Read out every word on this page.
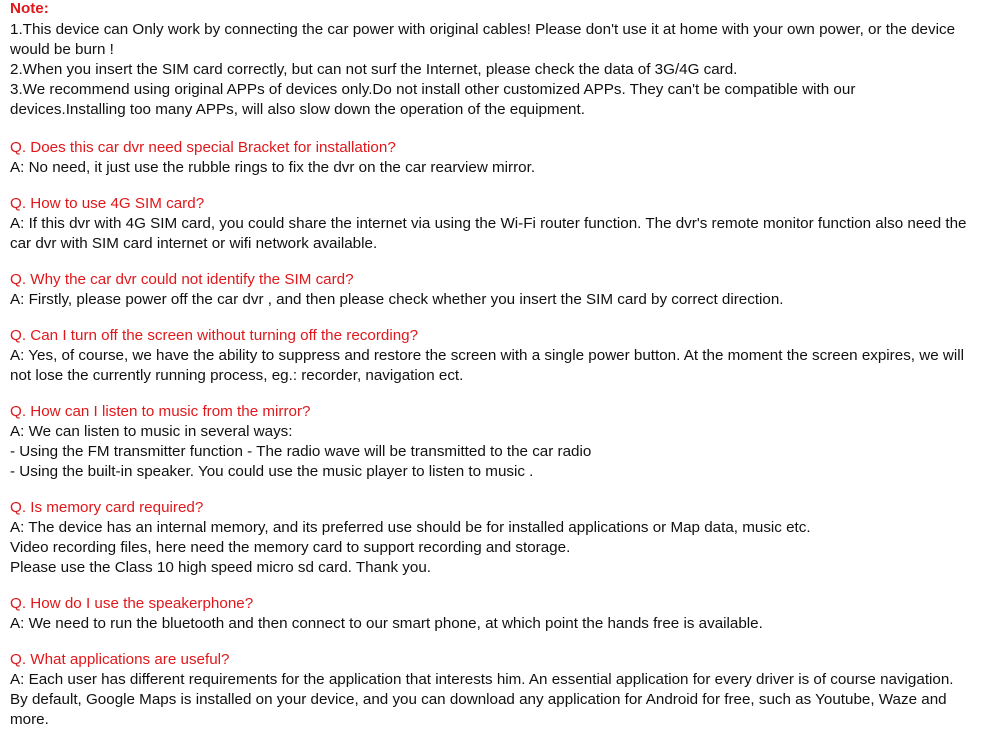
Note:
1.This device can Only work by connecting the car power with original cables! Please don't use it at home with your own power, or the device would be burn !
2.When you insert the SIM card correctly, but can not surf the Internet, please check the data of 3G/4G card.
3.We recommend using original APPs of devices only.Do not install other customized APPs. They can't be compatible with our devices.Installing too many APPs, will also slow down the operation of the equipment.
Q. Does this car dvr need special Bracket for installation?
A: No need, it just use the rubble rings to fix the dvr on the car rearview mirror.
Q. How to use 4G SIM card?
A: If this dvr with 4G SIM card, you could share the internet via using the Wi-Fi router function. The dvr's remote monitor function also need the car dvr with SIM card internet or wifi network available.
Q. Why the car dvr could not identify the SIM card?
A: Firstly, please power off the car dvr , and then please check whether you insert the SIM card by correct direction.
Q. Can I turn off the screen without turning off the recording?
A: Yes, of course, we have the ability to suppress and restore the screen with a single power button. At the moment the screen expires, we will not lose the currently running process, eg.: recorder, navigation ect.
Q. How can I listen to music from the mirror?
A: We can listen to music in several ways:
- Using the FM transmitter function - The radio wave will be transmitted to the car radio
- Using the built-in speaker. You could use the music player to listen to music .
Q. Is memory card required?
A: The device has an internal memory, and its preferred use should be for installed applications or Map data, music etc.
Video recording files, here need the memory card to support recording and storage.
Please use the Class 10 high speed micro sd card. Thank you.
Q. How do I use the speakerphone?
A: We need to run the bluetooth and then connect to our smart phone, at which point the hands free is available.
Q. What applications are useful?
A: Each user has different requirements for the application that interests him. An essential application for every driver is of course navigation. By default, Google Maps is installed on your device, and you can download any application for Android for free, such as Youtube, Waze and more.
